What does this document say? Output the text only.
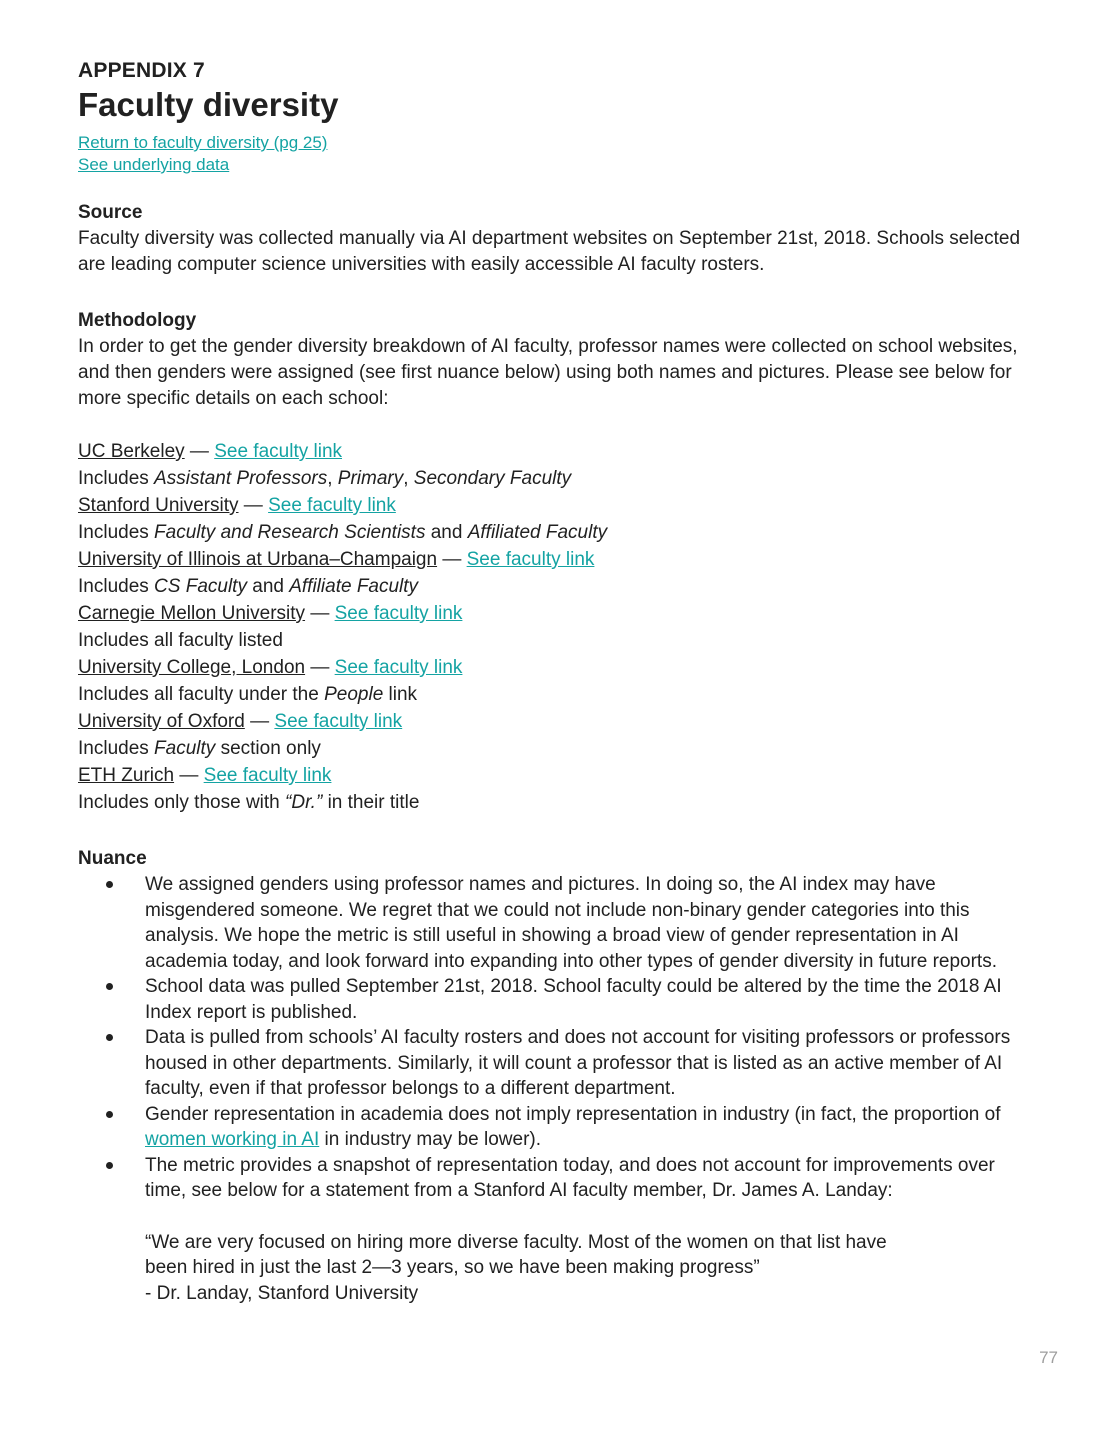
APPENDIX 7
Faculty diversity
Return to faculty diversity (pg 25)
See underlying data
Source

Faculty diversity was collected manually via AI department websites on September 21st, 2018. Schools selected are leading computer science universities with easily accessible AI faculty rosters.

Methodology

In order to get the gender diversity breakdown of AI faculty, professor names were collected on school websites, and then genders were assigned (see first nuance below) using both names and pictures. Please see below for more specific details on each school:

UC Berkeley — See faculty link
Includes Assistant Professors, Primary, Secondary Faculty
Stanford University — See faculty link
Includes Faculty and Research Scientists and Affiliated Faculty
University of Illinois at Urbana–Champaign — See faculty link
Includes CS Faculty and Affiliate Faculty
Carnegie Mellon University — See faculty link
Includes all faculty listed
University College, London — See faculty link
Includes all faculty under the People link
University of Oxford — See faculty link
Includes Faculty section only
ETH Zurich — See faculty link
Includes only those with “Dr.” in their title
Nuance
We assigned genders using professor names and pictures. In doing so, the AI index may have misgendered someone. We regret that we could not include non-binary gender categories into this analysis. We hope the metric is still useful in showing a broad view of gender representation in AI academia today, and look forward into expanding into other types of gender diversity in future reports.
School data was pulled September 21st, 2018. School faculty could be altered by the time the 2018 AI Index report is published.
Data is pulled from schools’ AI faculty rosters and does not account for visiting professors or professors housed in other departments. Similarly, it will count a professor that is listed as an active member of AI faculty, even if that professor belongs to a different department.
Gender representation in academia does not imply representation in industry (in fact, the proportion of women working in AI in industry may be lower).
The metric provides a snapshot of representation today, and does not account for improvements over time, see below for a statement from a Stanford AI faculty member, Dr. James A. Landay:
“We are very focused on hiring more diverse faculty. Most of the women on that list have
been hired in just the last 2—3 years, so we have been making progress”
- Dr. Landay, Stanford University
77
